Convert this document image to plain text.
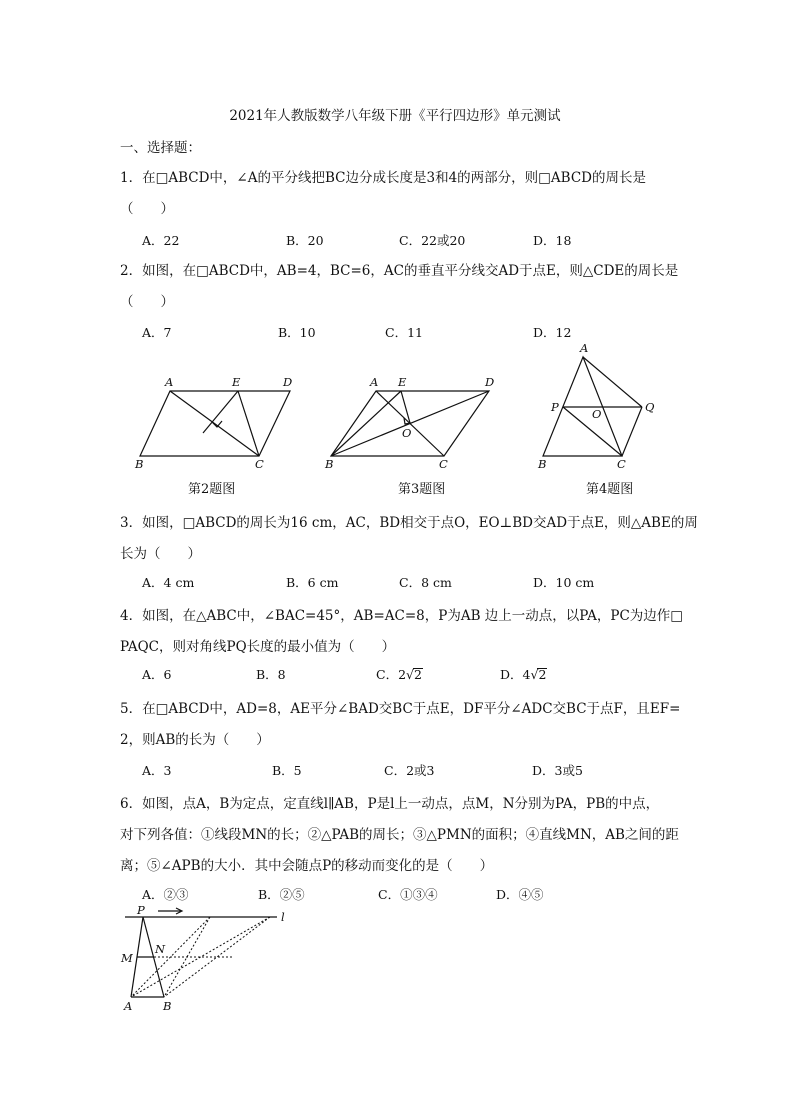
2021年人教版数学八年级下册《平行四边形》单元测试
一、选择题：
1．在□ABCD中，∠A的平分线把BC边分成长度是3和4的两部分，则□ABCD的周长是
（　　）
A．22	B．20	C．22或20	D．18
2．如图，在□ABCD中，AB=4，BC=6，AC的垂直平分线交AD于点E，则△CDE的周长是
（　　）
A．7	B．10	C．11	D．12
A	E	D
B	C
A E	D
O
B	C
A
P	O	Q
B	C
第2题图	第3题图	第4题图
3．如图，□ABCD的周长为16 cm，AC，BD相交于点O，EO⊥BD交AD于点E，则△ABE的周
长为（　　）
A．4 cm	B．6 cm	C．8 cm	D．10 cm
4．如图，在△ABC中，∠BAC=45°，AB=AC=8，P为AB 边上一动点，以PA，PC为边作□
PAQC，则对角线PQ长度的最小值为（　　）
A．6	B．8	C．2√2	D．4√2
5．在□ABCD中，AD=8，AE平分∠BAD交BC于点E，DF平分∠ADC交BC于点F，且EF=
2，则AB的长为（　　）
A．3	B．5	C．2或3	D．3或5
6．如图，点A，B为定点，定直线l∥AB，P是l上一动点，点M，N分别为PA，PB的中点，
对下列各值：①线段MN的长；②△PAB的周长；③△PMN的面积；④直线MN，AB之间的距
离；⑤∠APB的大小．其中会随点P的移动而变化的是（　　）
A．②③	B．②⑤	C．①③④	D．④⑤
P	l
M
N
A	B
